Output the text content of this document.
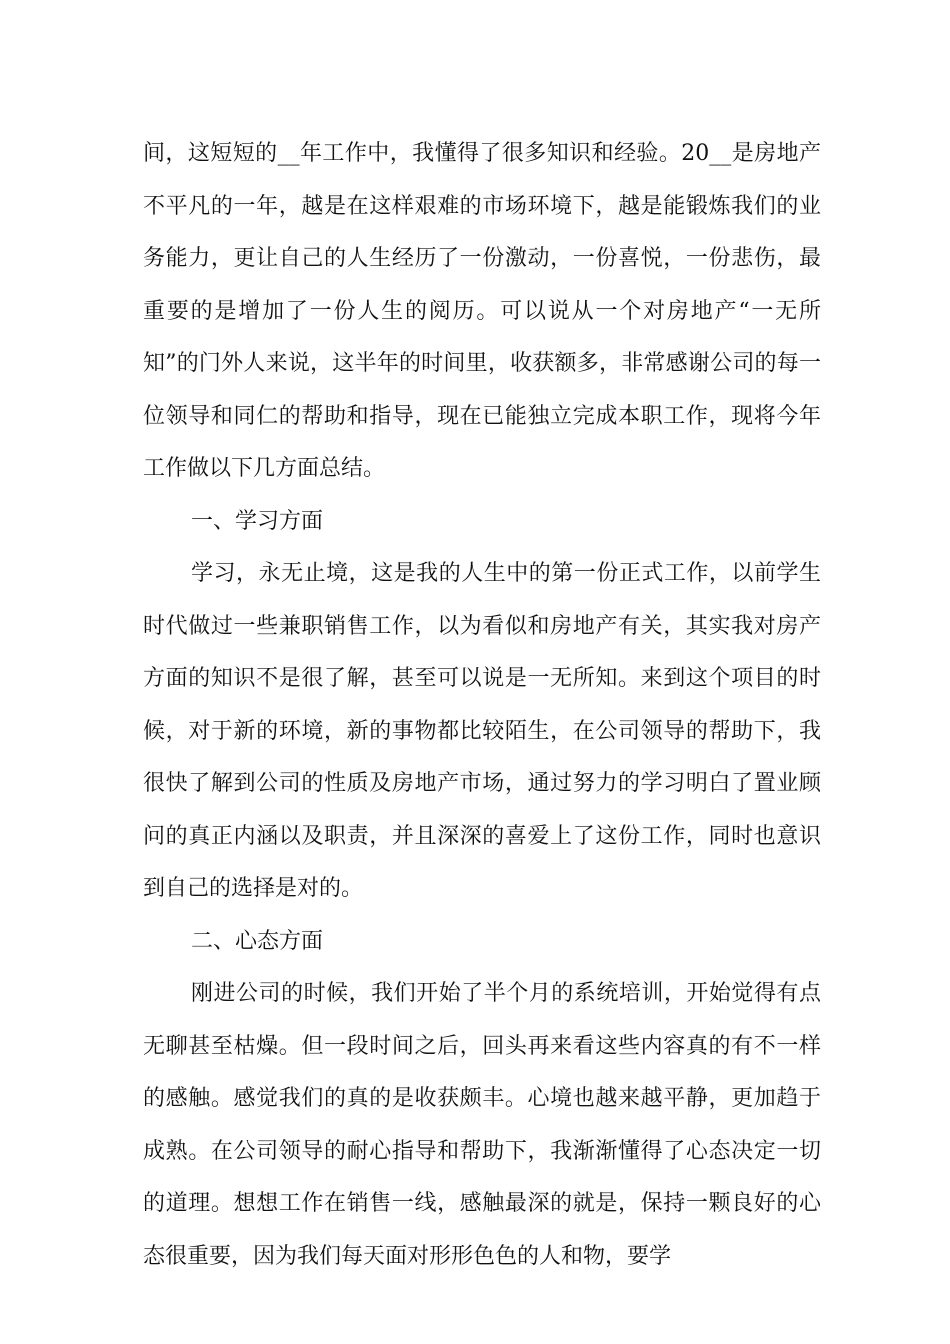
间，这短短的__年工作中，我懂得了很多知识和经验。20__是房地产不平凡的一年，越是在这样艰难的市场环境下，越是能锻炼我们的业务能力，更让自己的人生经历了一份激动，一份喜悦，一份悲伤，最重要的是增加了一份人生的阅历。可以说从一个对房地产“一无所知”的门外人来说，这半年的时间里，收获额多，非常感谢公司的每一位领导和同仁的帮助和指导，现在已能独立完成本职工作，现将今年工作做以下几方面总结。

一、学习方面

学习，永无止境，这是我的人生中的第一份正式工作，以前学生时代做过一些兼职销售工作，以为看似和房地产有关，其实我对房产方面的知识不是很了解，甚至可以说是一无所知。来到这个项目的时候，对于新的环境，新的事物都比较陌生，在公司领导的帮助下，我很快了解到公司的性质及房地产市场，通过努力的学习明白了置业顾问的真正内涵以及职责，并且深深的喜爱上了这份工作，同时也意识到自己的选择是对的。

二、心态方面

刚进公司的时候，我们开始了半个月的系统培训，开始觉得有点无聊甚至枯燥。但一段时间之后，回头再来看这些内容真的有不一样的感触。感觉我们的真的是收获颇丰。心境也越来越平静，更加趋于成熟。在公司领导的耐心指导和帮助下，我渐渐懂得了心态决定一切的道理。想想工作在销售一线，感触最深的就是，保持一颗良好的心态很重要，因为我们每天面对形形色色的人和物，要学
